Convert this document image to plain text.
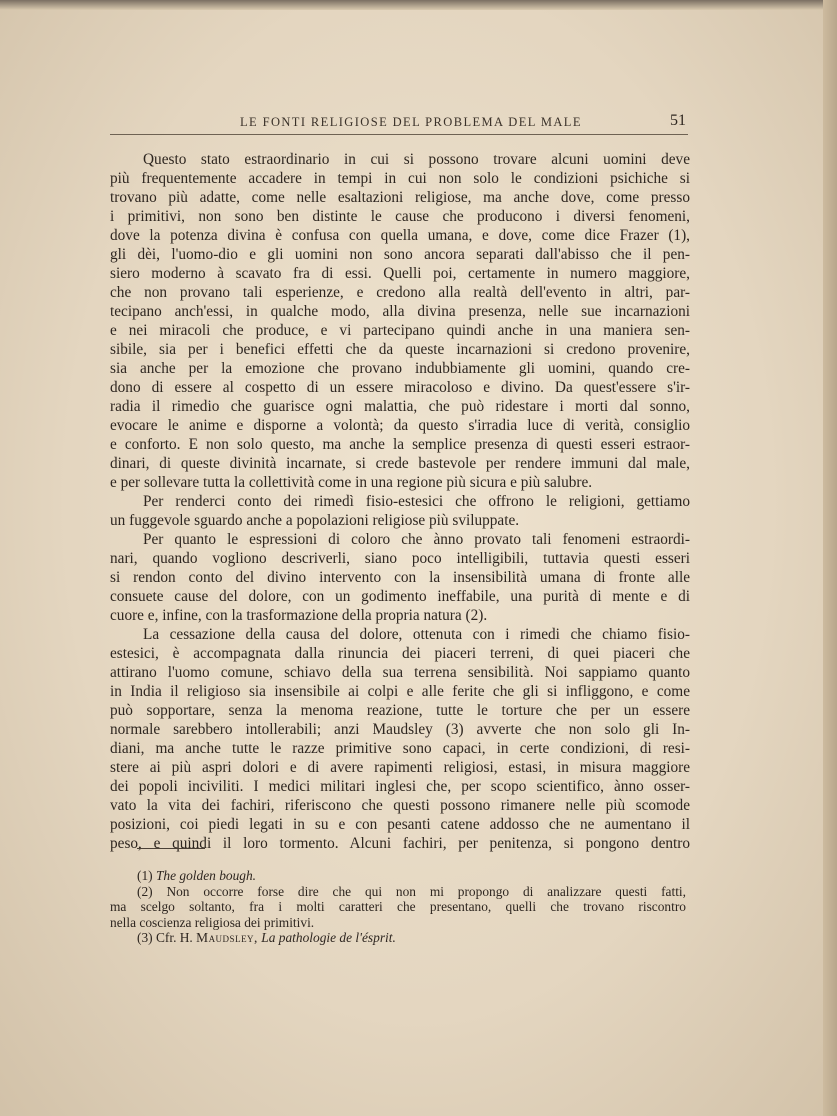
LE FONTI RELIGIOSE DEL PROBLEMA DEL MALE	51
Questo stato estraordinario in cui si possono trovare alcuni uomini deve
più frequentemente accadere in tempi in cui non solo le condizioni psichiche si
trovano più adatte, come nelle esaltazioni religiose, ma anche dove, come presso
i primitivi, non sono ben distinte le cause che producono i diversi fenomeni,
dove la potenza divina è confusa con quella umana, e dove, come dice Frazer (1),
gli dèi, l'uomo-dio e gli uomini non sono ancora separati dall'abisso che il pen-
siero moderno à scavato fra di essi. Quelli poi, certamente in numero maggiore,
che non provano tali esperienze, e credono alla realtà dell'evento in altri, par-
tecipano anch'essi, in qualche modo, alla divina presenza, nelle sue incarnazioni
e nei miracoli che produce, e vi partecipano quindi anche in una maniera sen-
sibile, sia per i benefici effetti che da queste incarnazioni si credono provenire,
sia anche per la emozione che provano indubbiamente gli uomini, quando cre-
dono di essere al cospetto di un essere miracoloso e divino. Da quest'essere s'ir-
radia il rimedio che guarisce ogni malattia, che può ridestare i morti dal sonno,
evocare le anime e disporne a volontà; da questo s'irradia luce di verità, consiglio
e conforto. E non solo questo, ma anche la semplice presenza di questi esseri estraor-
dinari, di queste divinità incarnate, si crede bastevole per rendere immuni dal male,
e per sollevare tutta la collettività come in una regione più sicura e più salubre.
Per renderci conto dei rimedì fisio-estesici che offrono le religioni, gettiamo
un fuggevole sguardo anche a popolazioni religiose più sviluppate.
Per quanto le espressioni di coloro che ànno provato tali fenomeni estraordi-
nari, quando vogliono descriverli, siano poco intelligibili, tuttavia questi esseri
si rendon conto del divino intervento con la insensibilità umana di fronte alle
consuete cause del dolore, con un godimento ineffabile, una purità di mente e di
cuore e, infine, con la trasformazione della propria natura (2).
La cessazione della causa del dolore, ottenuta con i rimedi che chiamo fisio-
estesici, è accompagnata dalla rinuncia dei piaceri terreni, di quei piaceri che
attirano l'uomo comune, schiavo della sua terrena sensibilità. Noi sappiamo quanto
in India il religioso sia insensibile ai colpi e alle ferite che gli si infliggono, e come
può sopportare, senza la menoma reazione, tutte le torture che per un essere
normale sarebbero intollerabili; anzi Maudsley (3) avverte che non solo gli In-
diani, ma anche tutte le razze primitive sono capaci, in certe condizioni, di resi-
stere ai più aspri dolori e di avere rapimenti religiosi, estasi, in misura maggiore
dei popoli inciviliti. I medici militari inglesi che, per scopo scientifico, ànno osser-
vato la vita dei fachiri, riferiscono che questi possono rimanere nelle più scomode
posizioni, coi piedi legati in su e con pesanti catene addosso che ne aumentano il
peso, e quindi il loro tormento. Alcuni fachiri, per penitenza, si pongono dentro
(1) The golden bough.
(2) Non occorre forse dire che qui non mi propongo di analizzare questi fatti,
ma scelgo soltanto, fra i molti caratteri che presentano, quelli che trovano riscontro
nella coscienza religiosa dei primitivi.
(3) Cfr. H. Maudsley, La pathologie de l'ésprit.
